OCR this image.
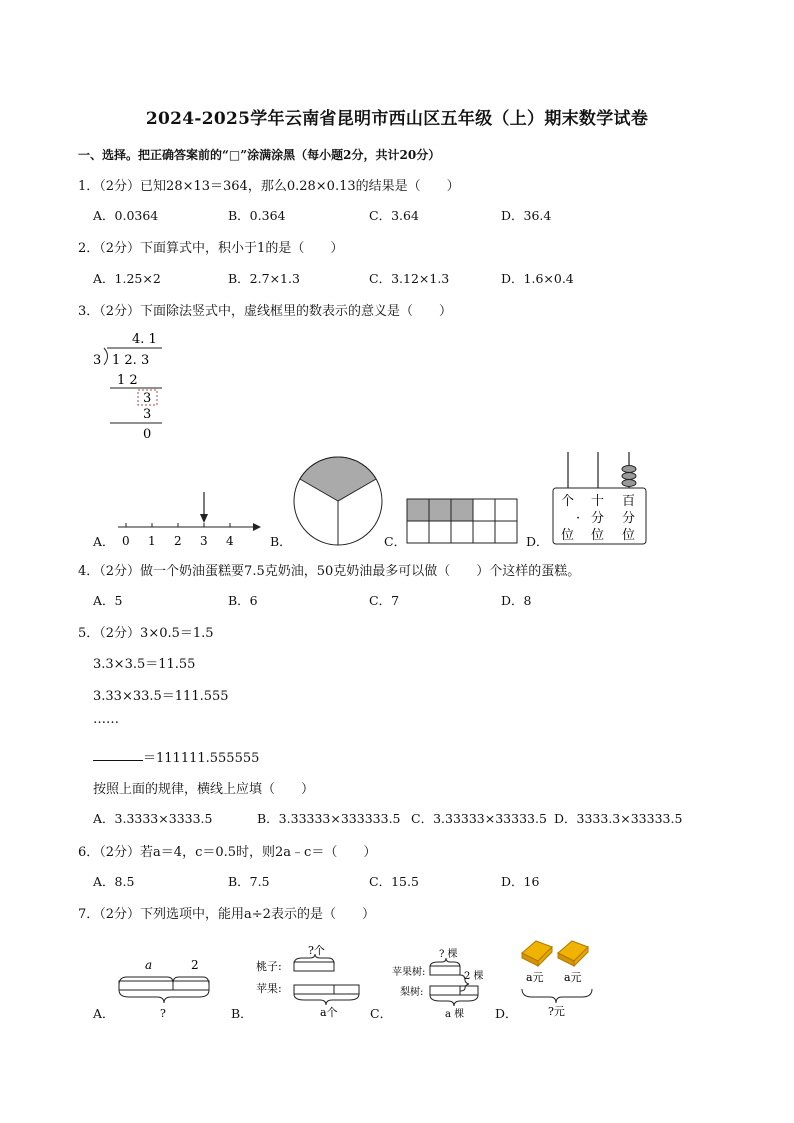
2024-2025学年云南省昆明市西山区五年级（上）期末数学试卷
一、选择。把正确答案前的“□”涂满涂黑（每小题2分，共计20分）
1．（2分）已知28×13＝364，那么0.28×0.13的结果是（　　）
A．0.0364	B．0.364	C．3.64	D．36.4
2．（2分）下面算式中，积小于1的是（　　）
A．1.25×2	B．2.7×1.3	C．3.12×1.3	D．1.6×0.4
3．（2分）下面除法竖式中，虚线框里的数表示的意义是（　　）
4. 1
3 1 2. 3
1 2
3
3
0
A． 0 1 2 3 4	B．	C．	D．
个 十 百
· 分 分
位 位 位
4．（2分）做一个奶油蛋糕要7.5克奶油，50克奶油最多可以做（　　）个这样的蛋糕。
A．5	B．6	C．7	D．8
5．（2分）3×0.5＝1.5
3.3×3.5＝11.55
3.33×33.5＝111.555
……
＝111111.555555
按照上面的规律，横线上应填（　　）
A．3.3333×3333.5	B．3.33333×333333.5 C．3.33333×33333.5 D．3333.3×33333.5
6．（2分）若a＝4，c＝0.5时，则2a﹣c＝（　　）
A．8.5	B．7.5	C．15.5	D．16
7．（2分）下列选项中，能用a÷2表示的是（　　）
A．
a	2
?	B．
?个
桃子:
苹果:
a个	C．
? 棵
苹果树:	2 棵
梨树:
a 棵 D．
a元 a元
?元
